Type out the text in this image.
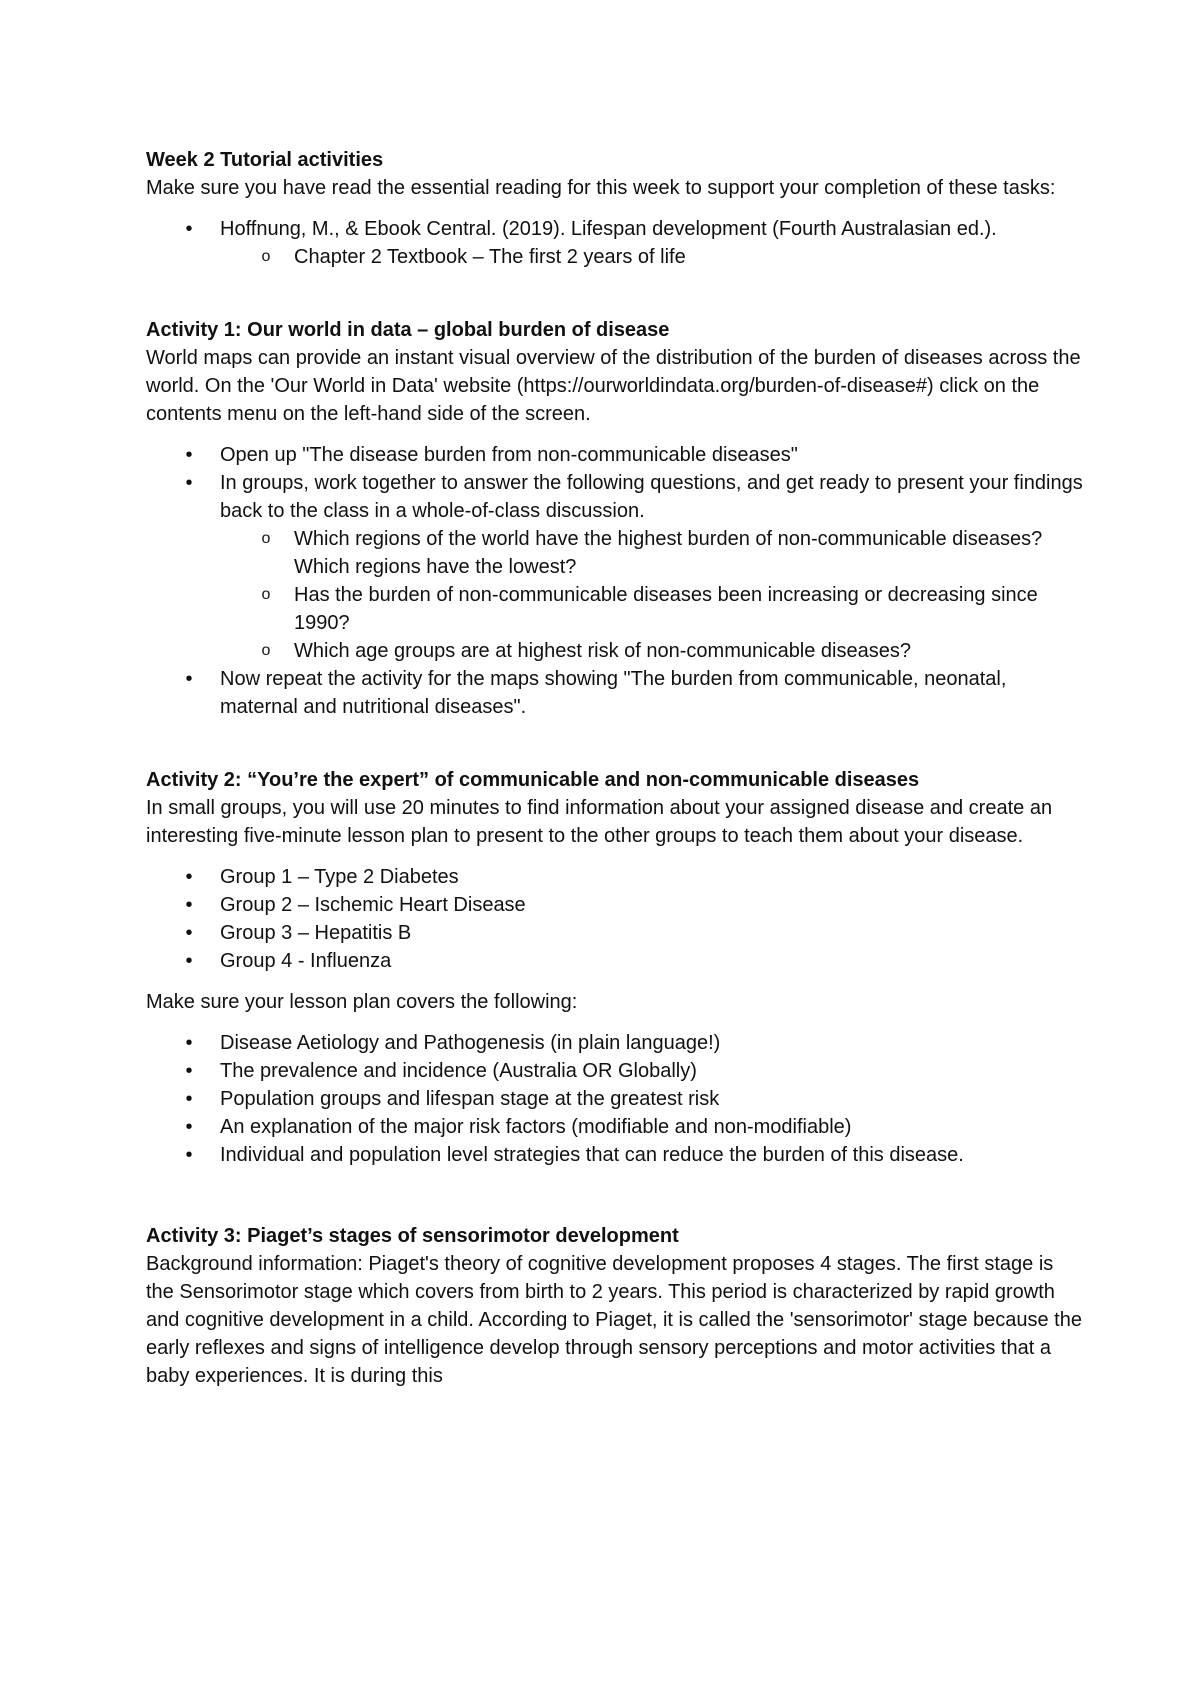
Week 2 Tutorial activities

Make sure you have read the essential reading for this week to support your completion of these tasks:

• Hoffnung, M., & Ebook Central. (2019). Lifespan development (Fourth Australasian ed.).
o Chapter 2 Textbook – The first 2 years of life
Activity 1: Our world in data – global burden of disease

World maps can provide an instant visual overview of the distribution of the burden of diseases across the world. On the 'Our World in Data' website (https://ourworldindata.org/burden-of-disease#) click on the contents menu on the left-hand side of the screen.

• Open up "The disease burden from non-communicable diseases"
• In groups, work together to answer the following questions, and get ready to present your findings back to the class in a whole-of-class discussion.
o Which regions of the world have the highest burden of non-communicable diseases? Which regions have the lowest?
o Has the burden of non-communicable diseases been increasing or decreasing since 1990?
o Which age groups are at highest risk of non-communicable diseases?
• Now repeat the activity for the maps showing "The burden from communicable, neonatal, maternal and nutritional diseases".
Activity 2: “You’re the expert” of communicable and non-communicable diseases

In small groups, you will use 20 minutes to find information about your assigned disease and create an interesting five-minute lesson plan to present to the other groups to teach them about your disease.

• Group 1 – Type 2 Diabetes
• Group 2 – Ischemic Heart Disease
• Group 3 – Hepatitis B
• Group 4 - Influenza

Make sure your lesson plan covers the following:

• Disease Aetiology and Pathogenesis (in plain language!)
• The prevalence and incidence (Australia OR Globally)
• Population groups and lifespan stage at the greatest risk
• An explanation of the major risk factors (modifiable and non-modifiable)
• Individual and population level strategies that can reduce the burden of this disease.
Activity 3: Piaget’s stages of sensorimotor development

Background information: Piaget's theory of cognitive development proposes 4 stages. The first stage is the Sensorimotor stage which covers from birth to 2 years. This period is characterized by rapid growth and cognitive development in a child. According to Piaget, it is called the 'sensorimotor' stage because the early reflexes and signs of intelligence develop through sensory perceptions and motor activities that a baby experiences. It is during this
